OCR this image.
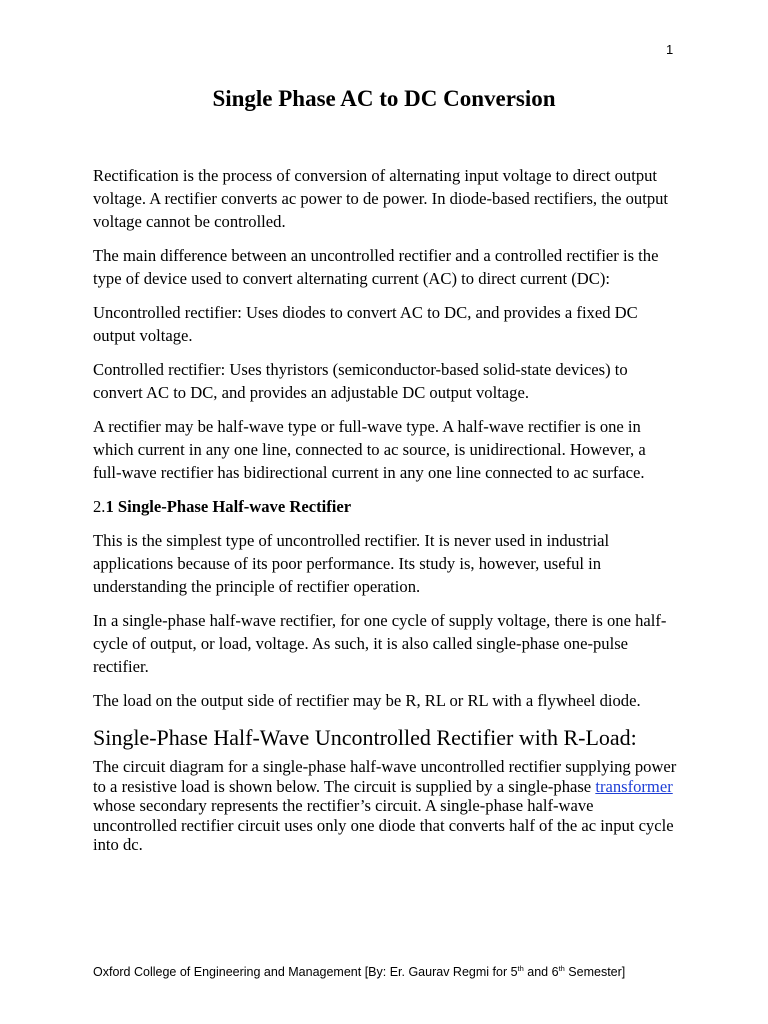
1
Single Phase AC to DC Conversion

Rectification is the process of conversion of alternating input voltage to direct output voltage. A rectifier converts ac power to de power. In diode-based rectifiers, the output voltage cannot be controlled.

The main difference between an uncontrolled rectifier and a controlled rectifier is the type of device used to convert alternating current (AC) to direct current (DC):

Uncontrolled rectifier: Uses diodes to convert AC to DC, and provides a fixed DC output voltage.

Controlled rectifier: Uses thyristors (semiconductor-based solid-state devices) to convert AC to DC, and provides an adjustable DC output voltage.

A rectifier may be half-wave type or full-wave type. A half-wave rectifier is one in which current in any one line, connected to ac source, is unidirectional. However, a full-wave rectifier has bidirectional current in any one line connected to ac surface.

2.1 Single-Phase Half-wave Rectifier

This is the simplest type of uncontrolled rectifier. It is never used in industrial applications because of its poor performance. Its study is, however, useful in understanding the principle of rectifier operation.

In a single-phase half-wave rectifier, for one cycle of supply voltage, there is one half-cycle of output, or load, voltage. As such, it is also called single-phase one-pulse rectifier.

The load on the output side of rectifier may be R, RL or RL with a flywheel diode.

Single-Phase Half-Wave Uncontrolled Rectifier with R-Load:

The circuit diagram for a single-phase half-wave uncontrolled rectifier supplying power to a resistive load is shown below. The circuit is supplied by a single-phase transformer whose secondary represents the rectifier’s circuit. A single-phase half-wave uncontrolled rectifier circuit uses only one diode that converts half of the ac input cycle into dc.

Oxford College of Engineering and Management [By: Er. Gaurav Regmi for 5th and 6th Semester]
